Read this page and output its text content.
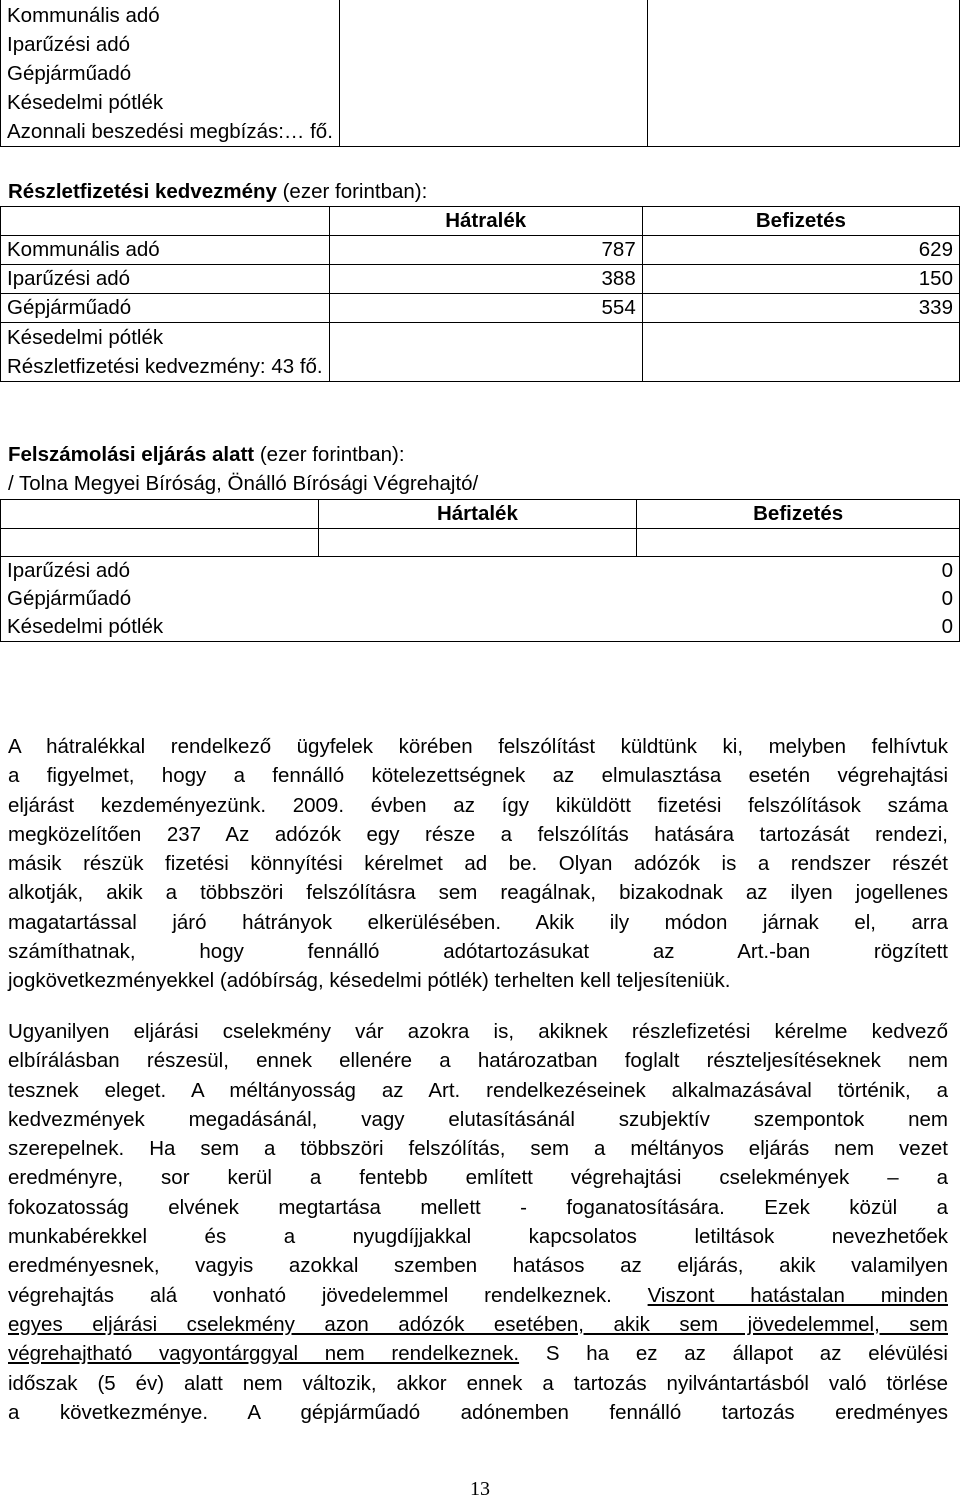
Kommunális adó
Iparűzési adó
Gépjárműadó
Késedelmi pótlék
Azonnali beszedési megbízás:… fő.

Részletfizetési kedvezmény (ezer forintban):
	Hátralék	Befizetés
Kommunális adó	787	629
Iparűzési adó	388	150
Gépjárműadó	554	339

Késedelmi pótlék
Részletfizetési kedvezmény: 43 fő.		

Felszámolási eljárás alatt (ezer forintban):
/ Tolna Megyei Bíróság, Önálló Bírósági Végrehajtó/
	Hártalék	Befizetés

Iparűzési adó 0		

Gépjárműadó 0		

Késedelmi pótlék 0		
A hátralékkal rendelkező ügyfelek körében felszólítást küldtünk ki, melyben felhívtuk
a figyelmet, hogy a fennálló kötelezettségnek az elmulasztása esetén végrehajtási
eljárást kezdeményezünk. 2009. évben az így kiküldött fizetési felszólítások száma
megközelítően 237 Az adózók egy része a felszólítás hatására tartozását rendezi,
másik részük fizetési könnyítési kérelmet ad be. Olyan adózók is a rendszer részét
alkotják, akik a többszöri felszólításra sem reagálnak, bizakodnak az ilyen jogellenes
magatartással járó hátrányok elkerülésében. Akik ily módon járnak el, arra
számíthatnak, hogy fennálló adótartozásukat az Art.-ban rögzített
jogkövetkezményekkel (adóbírság, késedelmi pótlék) terhelten kell teljesíteniük.
Ugyanilyen eljárási cselekmény vár azokra is, akiknek részlefizetési kérelme kedvező
elbírálásban részesül, ennek ellenére a határozatban foglalt részteljesítéseknek nem
tesznek eleget. A méltányosság az Art. rendelkezéseinek alkalmazásával történik, a
kedvezmények megadásánál, vagy elutasításánál szubjektív szempontok nem
szerepelnek. Ha sem a többszöri felszólítás, sem a méltányos eljárás nem vezet
eredményre, sor kerül a fentebb említett végrehajtási cselekmények – a
fokozatosság elvének megtartása mellett - foganatosítására. Ezek közül a
munkabérekkel és a nyugdíjjakkal kapcsolatos letiltások nevezhetőek
eredményesnek, vagyis azokkal szemben hatásos az eljárás, akik valamilyen
végrehajtás alá vonható jövedelemmel rendelkeznek. Viszont hatástalan minden
egyes eljárási cselekmény azon adózók esetében, akik sem jövedelemmel, sem
végrehajtható vagyontárggyal nem rendelkeznek. S ha ez az állapot az elévülési
időszak (5 év) alatt nem változik, akkor ennek a tartozás nyilvántartásból való törlése
a következménye. A gépjárműadó adónemben fennálló tartozás eredményes
13
